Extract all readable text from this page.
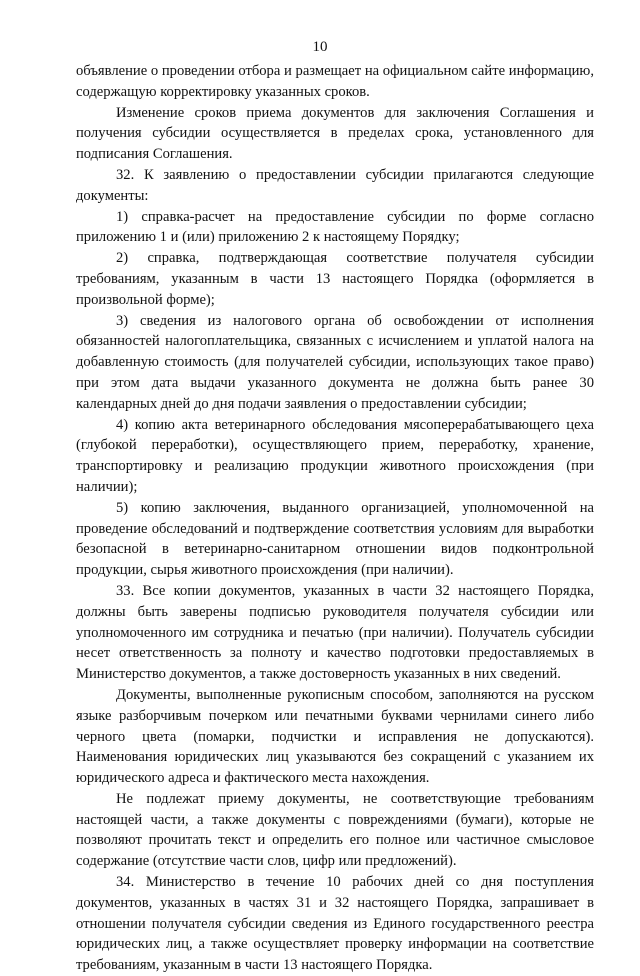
10

объявление о проведении отбора и размещает на официальном сайте информацию, содержащую корректировку указанных сроков.

Изменение сроков приема документов для заключения Соглашения и получения субсидии осуществляется в пределах срока, установленного для подписания Соглашения.

32. К заявлению о предоставлении субсидии прилагаются следующие документы:

1) справка-расчет на предоставление субсидии по форме согласно приложению 1 и (или) приложению 2 к настоящему Порядку;

2) справка, подтверждающая соответствие получателя субсидии требованиям, указанным в части 13 настоящего Порядка (оформляется в произвольной форме);

3) сведения из налогового органа об освобождении от исполнения обязанностей налогоплательщика, связанных с исчислением и уплатой налога на добавленную стоимость (для получателей субсидии, использующих такое право) при этом дата выдачи указанного документа не должна быть ранее 30 календарных дней до дня подачи заявления о предоставлении субсидии;

4) копию акта ветеринарного обследования мясоперерабатывающего цеха (глубокой переработки), осуществляющего прием, переработку, хранение, транспортировку и реализацию продукции животного происхождения (при наличии);

5) копию заключения, выданного организацией, уполномоченной на проведение обследований и подтверждение соответствия условиям для выработки безопасной в ветеринарно-санитарном отношении видов подконтрольной продукции, сырья животного происхождения (при наличии).

33. Все копии документов, указанных в части 32 настоящего Порядка, должны быть заверены подписью руководителя получателя субсидии или уполномоченного им сотрудника и печатью (при наличии). Получатель субсидии несет ответственность за полноту и качество подготовки предоставляемых в Министерство документов, а также достоверность указанных в них сведений.

Документы, выполненные рукописным способом, заполняются на русском языке разборчивым почерком или печатными буквами чернилами синего либо черного цвета (помарки, подчистки и исправления не допускаются). Наименования юридических лиц указываются без сокращений с указанием их юридического адреса и фактического места нахождения.

Не подлежат приему документы, не соответствующие требованиям настоящей части, а также документы с повреждениями (бумаги), которые не позволяют прочитать текст и определить его полное или частичное смысловое содержание (отсутствие части слов, цифр или предложений).

34. Министерство в течение 10 рабочих дней со дня поступления документов, указанных в частях 31 и 32 настоящего Порядка, запрашивает в отношении получателя субсидии сведения из Единого государственного реестра юридических лиц, а также осуществляет проверку информации на соответствие требованиям, указанным в части 13 настоящего Порядка.
